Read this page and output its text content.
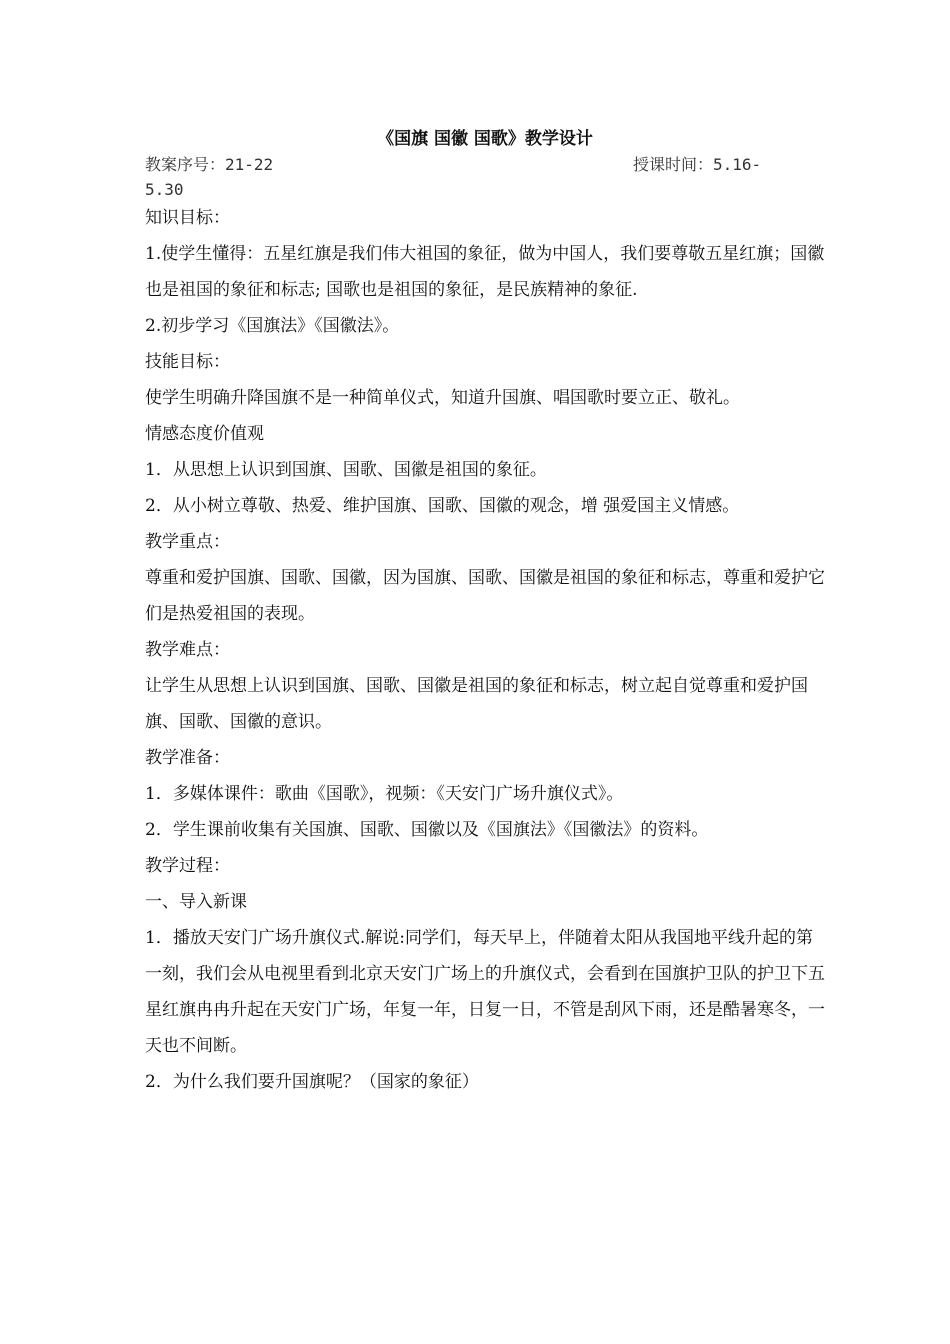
《国旗 国徽 国歌》教学设计
教案序号：21-22	授课时间：5.16-
5.30

知识目标：

1.使学生懂得：五星红旗是我们伟大祖国的象征，做为中国人，我们要尊敬五星红旗；国徽也是祖国的象征和标志; 国歌也是祖国的象征，是民族精神的象征.

2.初步学习《国旗法》《国徽法》。

技能目标：

使学生明确升降国旗不是一种简单仪式，知道升国旗、唱国歌时要立正、敬礼。

情感态度价值观

1．从思想上认识到国旗、国歌、国徽是祖国的象征。

2．从小树立尊敬、热爱、维护国旗、国歌、国徽的观念，增 强爱国主义情感。

教学重点：

尊重和爱护国旗、国歌、国徽，因为国旗、国歌、国徽是祖国的象征和标志，尊重和爱护它们是热爱祖国的表现。

教学难点：

让学生从思想上认识到国旗、国歌、国徽是祖国的象征和标志，树立起自觉尊重和爱护国旗、国歌、国徽的意识。

教学准备：

1．多媒体课件：歌曲《国歌》，视频：《天安门广场升旗仪式》。

2．学生课前收集有关国旗、国歌、国徽以及《国旗法》《国徽法》的资料。

教学过程：

一、导入新课

1．播放天安门广场升旗仪式.解说:同学们，每天早上，伴随着太阳从我国地平线升起的第一刻，我们会从电视里看到北京天安门广场上的升旗仪式，会看到在国旗护卫队的护卫下五星红旗冉冉升起在天安门广场，年复一年，日复一日，不管是刮风下雨，还是酷暑寒冬，一天也不间断。

2．为什么我们要升国旗呢？（国家的象征）
